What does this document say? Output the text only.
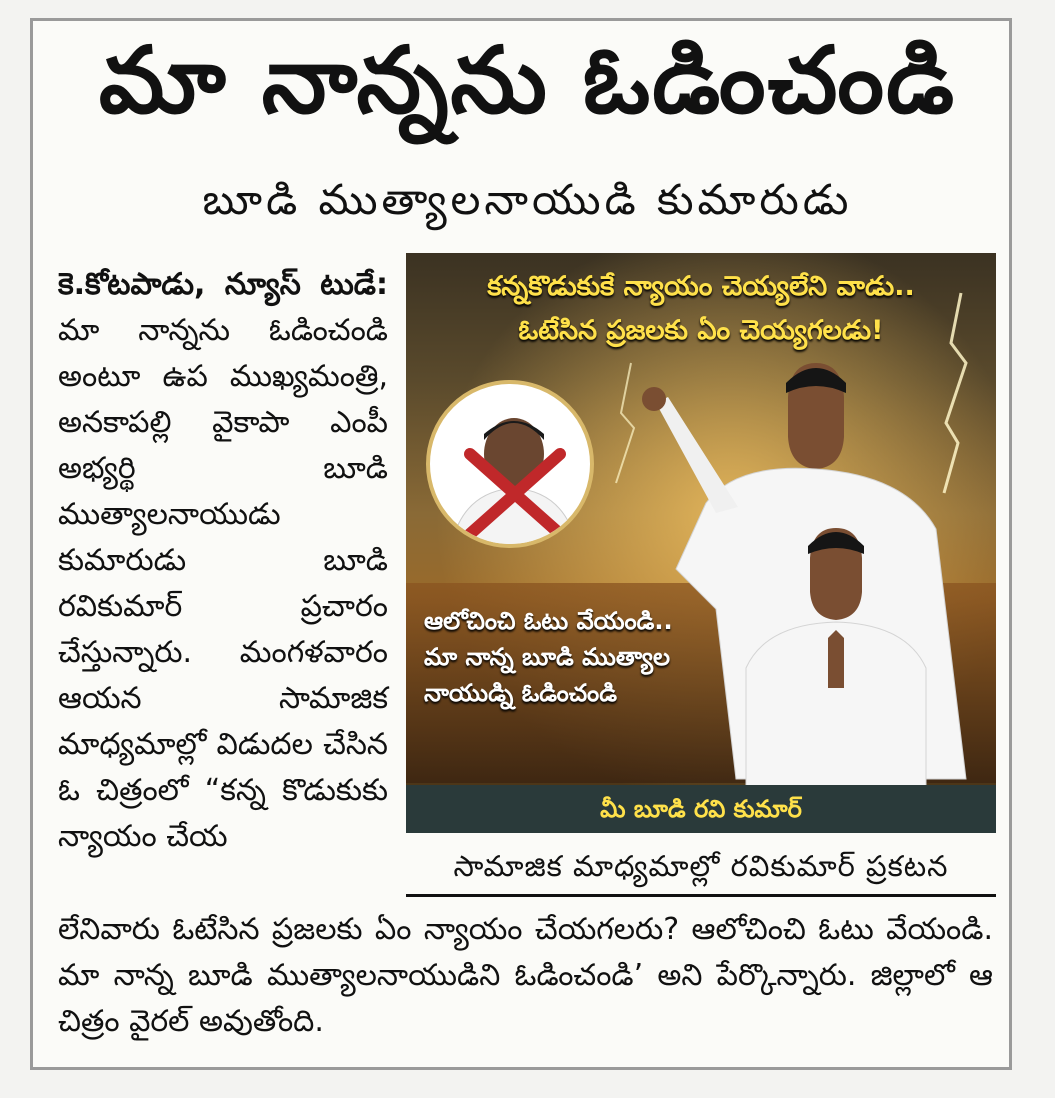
మా నాన్నను ఓడించండి
బూడి ముత్యాలనాయుడి కుమారుడు
కె.కోటపాడు, న్యూస్ టుడే: మా నాన్నను ఓడించండి అంటూ ఉప ముఖ్యమంత్రి, అనకాపల్లి వైకాపా ఎంపీ అభ్యర్థి బూడి ముత్యాలనాయుడు కుమారుడు బూడి రవికుమార్ ప్రచారం చేస్తున్నారు. మంగళవారం ఆయన సామాజిక మాధ్యమాల్లో విడుదల చేసిన ఓ చిత్రంలో “కన్న కొడుకుకు న్యాయం చేయ
కన్నకొడుకుకే న్యాయం చెయ్యలేని వాడు..
ఓటేసిన ప్రజలకు ఏం చెయ్యగలడు!
ఆలోచించి ఓటు వేయండి..
మా నాన్న బూడి ముత్యాల
నాయుడ్ని ఓడించండి
మీ బూడి రవి కుమార్
సామాజిక మాధ్యమాల్లో రవికుమార్ ప్రకటన
లేనివారు ఓటేసిన ప్రజలకు ఏం న్యాయం చేయగలరు? ఆలోచించి ఓటు వేయండి. మా నాన్న బూడి ముత్యాలనాయుడిని ఓడించండి’ అని పేర్కొన్నారు. జిల్లాలో ఆ చిత్రం వైరల్ అవుతోంది.
